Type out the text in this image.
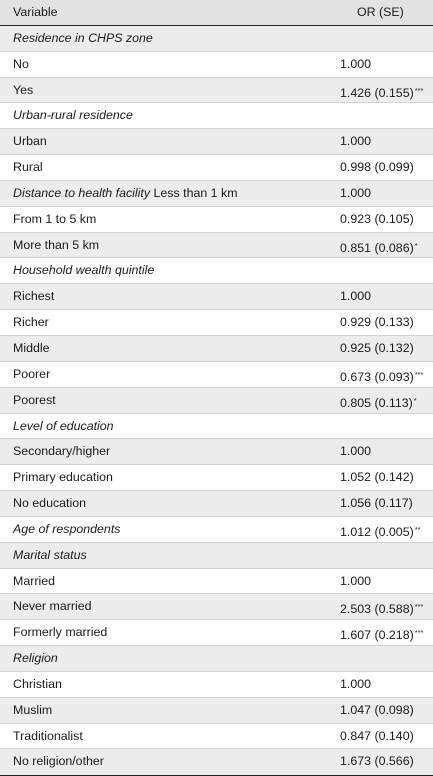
Variable	OR (SE)
Residence in CHPS zone
No	1.000
Yes	1.426 (0.155)***
Urban-rural residence
Urban	1.000
Rural	0.998 (0.099)
Distance to health facility Less than 1 km	1.000
From 1 to 5 km	0.923 (0.105)
More than 5 km	0.851 (0.086)*
Household wealth quintile
Richest	1.000
Richer	0.929 (0.133)
Middle	0.925 (0.132)
Poorer	0.673 (0.093)***
Poorest	0.805 (0.113)*
Level of education
Secondary/higher	1.000
Primary education	1.052 (0.142)
No education	1.056 (0.117)
Age of respondents	1.012 (0.005)**
Marital status
Married	1.000
Never married	2.503 (0.588)***
Formerly married	1.607 (0.218)***
Religion
Christian	1.000
Muslim	1.047 (0.098)
Traditionalist	0.847 (0.140)
No religion/other	1.673 (0.566)
